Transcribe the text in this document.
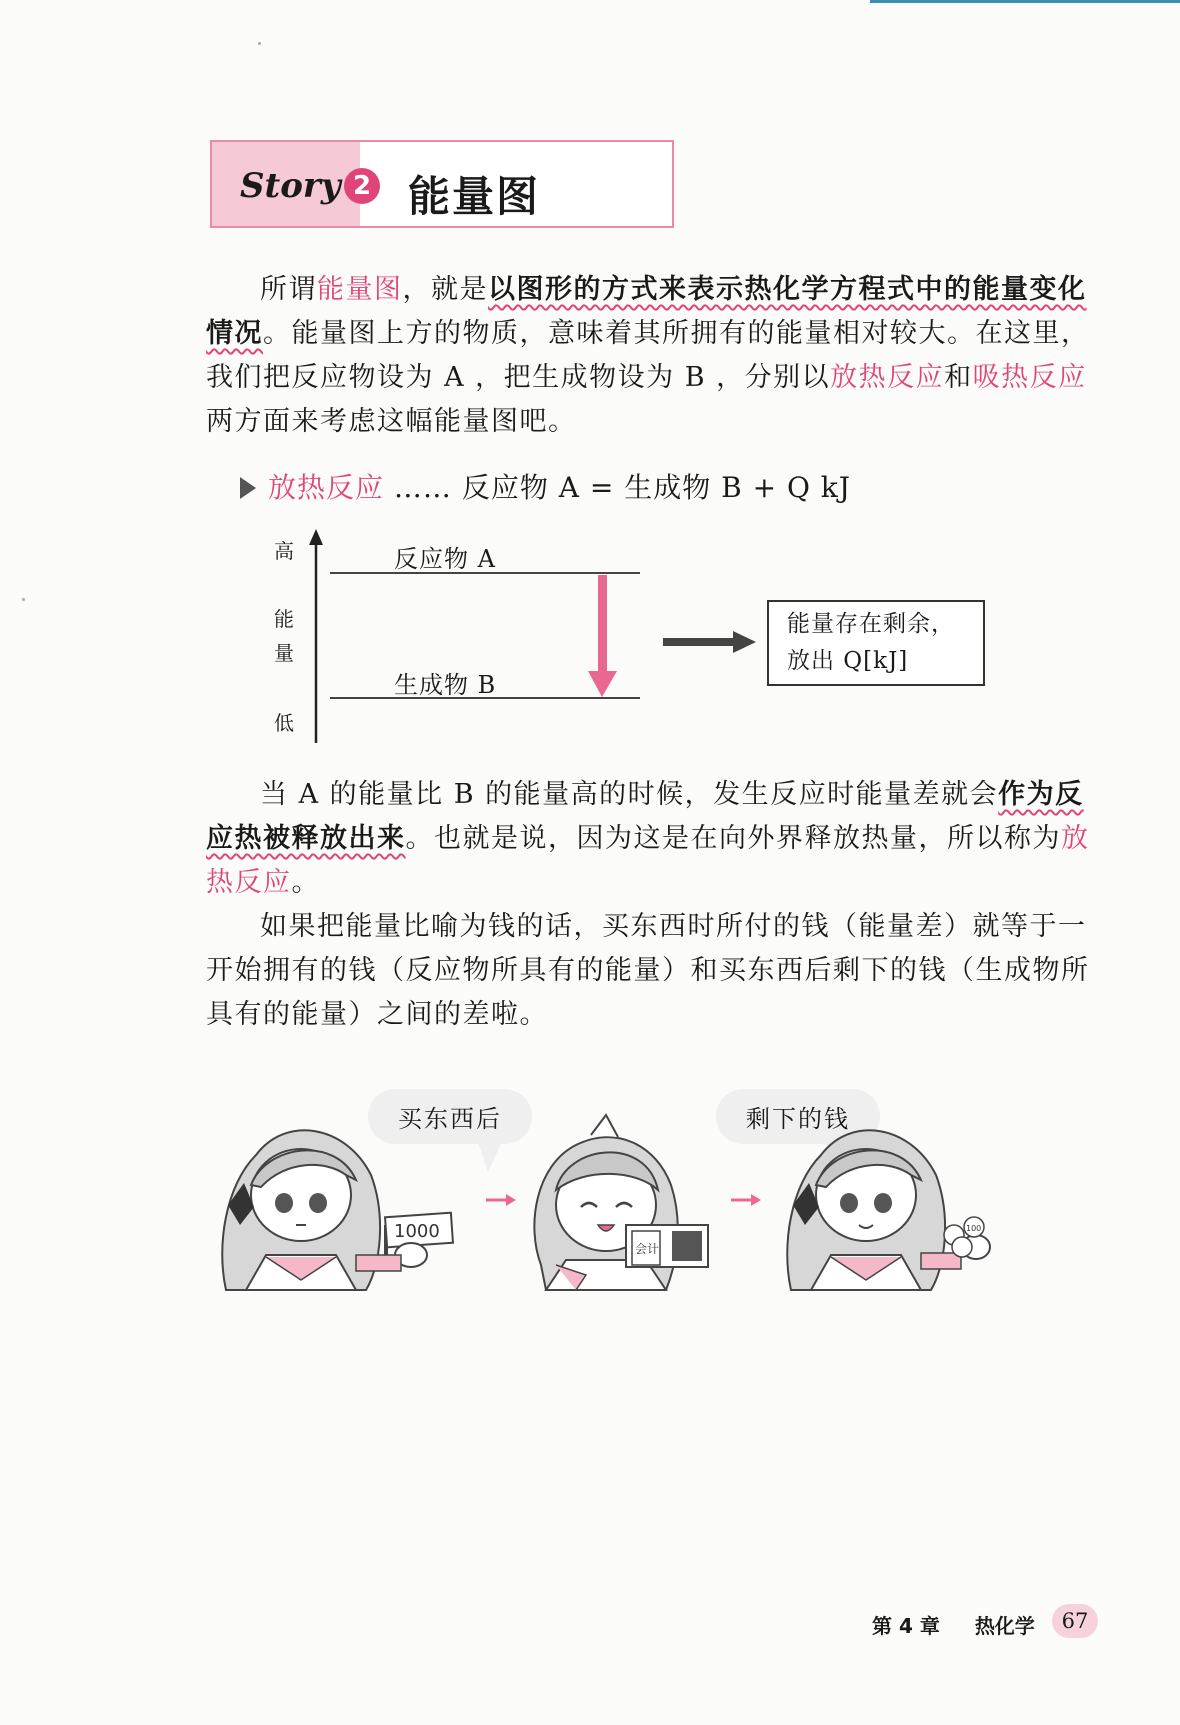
Story 2 能量图
所谓能量图，就是以图形的方式来表示热化学方程式中的能量变化情况。能量图上方的物质，意味着其所拥有的能量相对较大。在这里，我们把反应物设为 A ，把生成物设为 B ，分别以放热反应和吸热反应两方面来考虑这幅能量图吧。
放热反应 …… 反应物 A = 生成物 B + Q kJ
高
能
量
低
反应物 A
生成物 B
能量存在剩余，
放出 Q[kJ]
当 A 的能量比 B 的能量高的时候，发生反应时能量差就会作为反应热被释放出来。也就是说，因为这是在向外界释放热量，所以称为放热反应。
如果把能量比喻为钱的话，买东西时所付的钱（能量差）就等于一开始拥有的钱（反应物所具有的能量）和买东西后剩下的钱（生成物所具有的能量）之间的差啦。
买东西后	剩下的钱
1000
会计
100
第 4 章 热化学	67
